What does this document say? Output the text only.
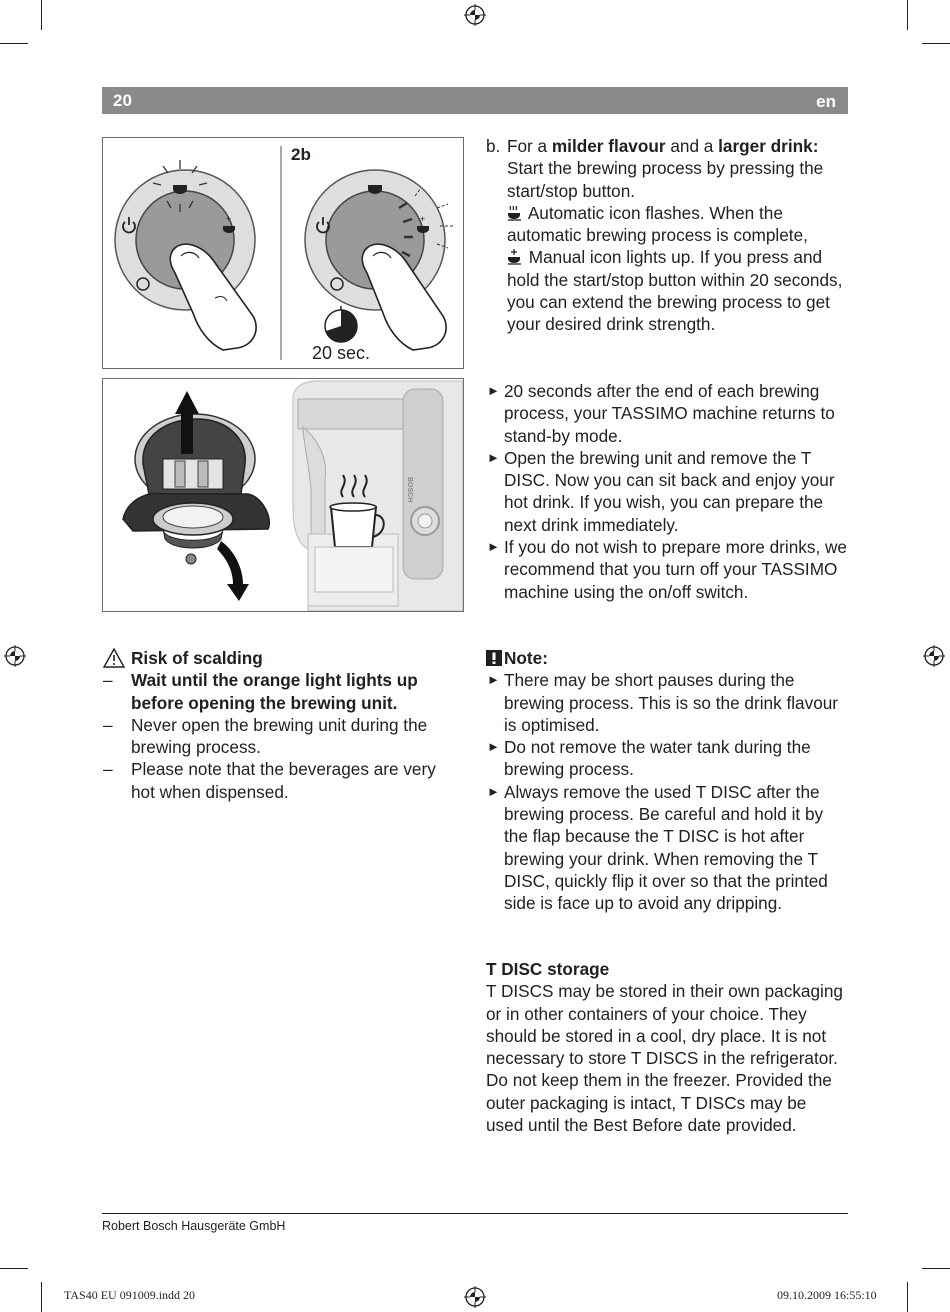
20	en
+
2b
+
20 sec.
BOSCH
b. For a milder flavour and a larger drink:
Start the brewing process by pressing the start/stop button.
Automatic icon flashes. When the automatic brewing process is complete,
Manual icon lights up. If you press and hold the start/stop button within 20 seconds, you can extend the brewing process to get your desired drink strength.
► 20 seconds after the end of each brewing process, your TASSIMO machine returns to stand-by mode.
► Open the brewing unit and remove the T DISC. Now you can sit back and enjoy your hot drink. If you wish, you can prepare the next drink immediately.
► If you do not wish to prepare more drinks, we recommend that you turn off your TASSIMO machine using the on/off switch.
Risk of scalding
– Wait until the orange light lights up before opening the brewing unit.
– Never open the brewing unit during the brewing process.
– Please note that the beverages are very hot when dispensed.
Note:
► There may be short pauses during the brewing process. This is so the drink flavour is optimised.
► Do not remove the water tank during the brewing process.
► Always remove the used T DISC after the brewing process. Be careful and hold it by the flap because the T DISC is hot after brewing your drink. When removing the T DISC, quickly flip it over so that the printed side is face up to avoid any dripping.
T DISC storage
T DISCS may be stored in their own packaging or in other containers of your choice. They should be stored in a cool, dry place. It is not necessary to store T DISCS in the refrigerator. Do not keep them in the freezer. Provided the outer packaging is intact, T DISCs may be used until the Best Before date provided.
Robert Bosch Hausgeräte GmbH
TAS40 EU 091009.indd 20	09.10.2009 16:55:10
